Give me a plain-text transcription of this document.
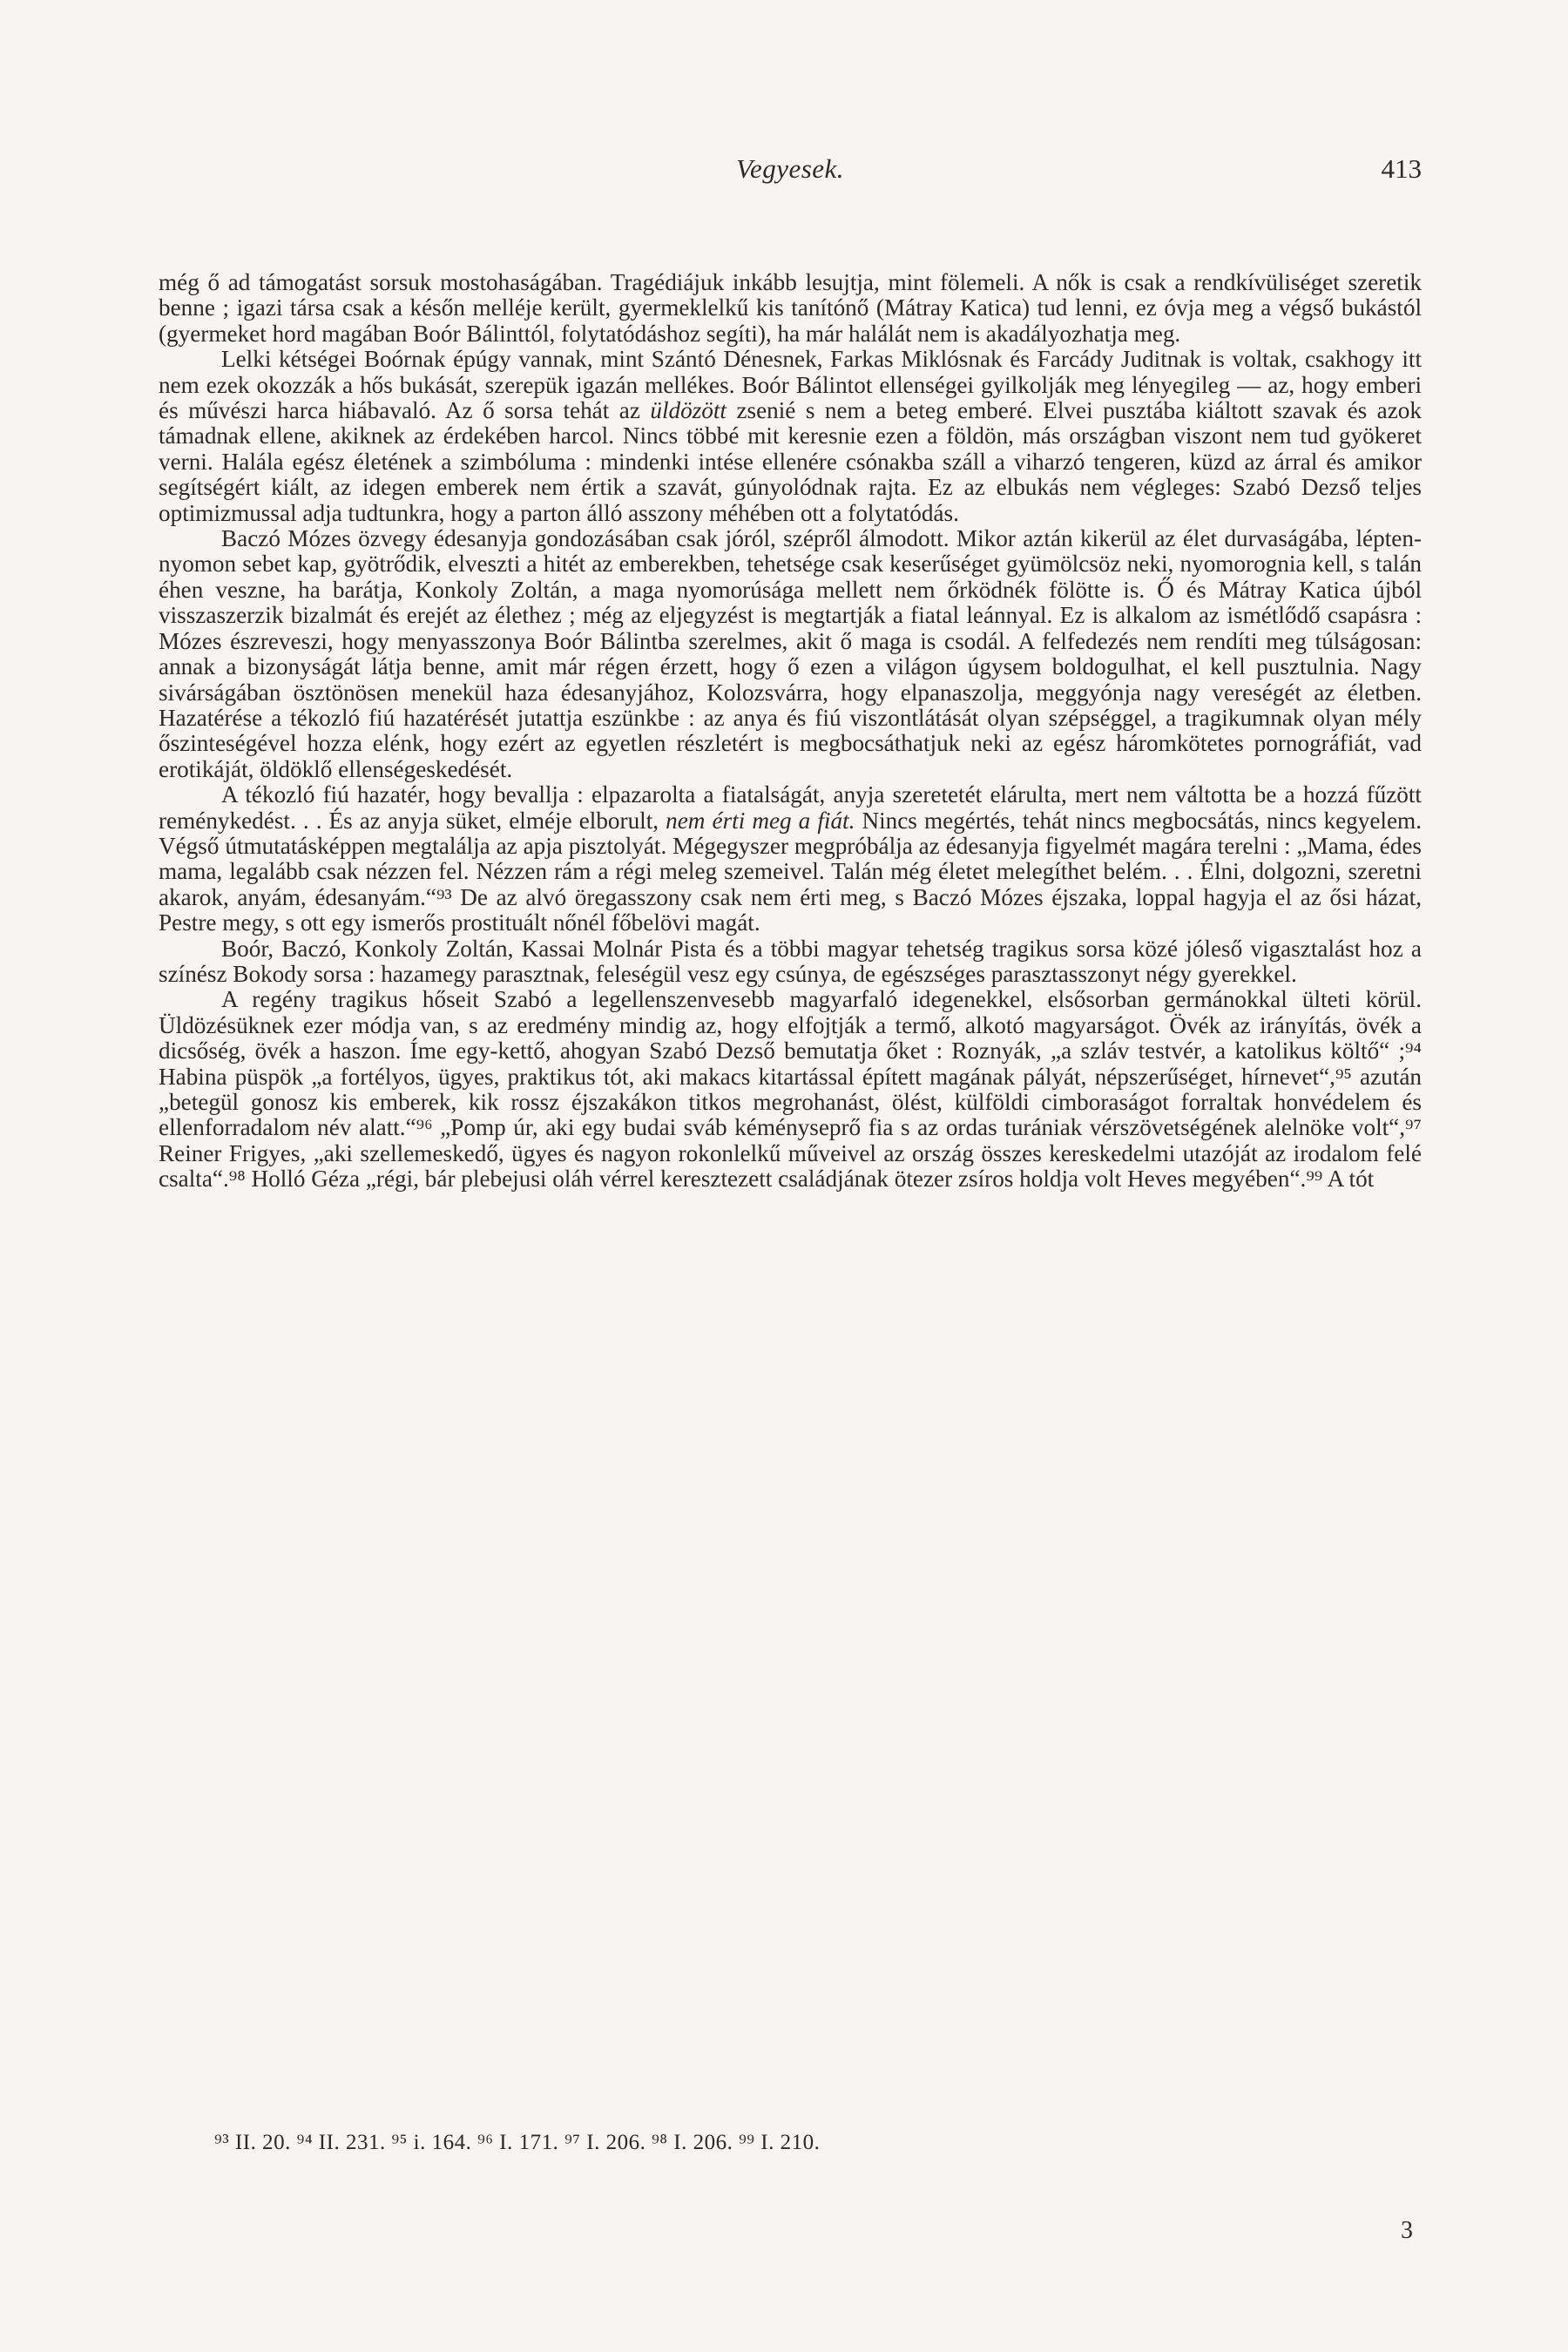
Vegyesek.	413

még ő ad támogatást sorsuk mostohaságában. Tragédiájuk inkább lesujtja, mint fölemeli. A nők is csak a rendkívüliséget szeretik benne ; igazi társa csak a későn melléje került, gyermeklelkű kis tanítónő (Mátray Katica) tud lenni, ez óvja meg a végső bukástól (gyermeket hord magában Boór Bálinttól, folytatódáshoz segíti), ha már halálát nem is akadályozhatja meg.

Lelki kétségei Boórnak épúgy vannak, mint Szántó Dénesnek, Farkas Miklósnak és Farcády Juditnak is voltak, csakhogy itt nem ezek okozzák a hős bukását, szerepük igazán mellékes. Boór Bálintot ellenségei gyilkolják meg lényegileg — az, hogy emberi és művészi harca hiábavaló. Az ő sorsa tehát az üldözött zsenié s nem a beteg emberé. Elvei pusztába kiáltott szavak és azok támadnak ellene, akiknek az érdekében harcol. Nincs többé mit keresnie ezen a földön, más országban viszont nem tud gyökeret verni. Halála egész életének a szimbóluma : mindenki intése ellenére csónakba száll a viharzó tengeren, küzd az árral és amikor segítségért kiált, az idegen emberek nem értik a szavát, gúnyolódnak rajta. Ez az elbukás nem végleges: Szabó Dezső teljes optimizmussal adja tudtunkra, hogy a parton álló asszony méhében ott a folytatódás.

Baczó Mózes özvegy édesanyja gondozásában csak jóról, szépről álmodott. Mikor aztán kikerül az élet durvaságába, lépten-nyomon sebet kap, gyötrődik, elveszti a hitét az emberekben, tehetsége csak keserűséget gyümölcsöz neki, nyomorognia kell, s talán éhen veszne, ha barátja, Konkoly Zoltán, a maga nyomorúsága mellett nem őrködnék fölötte is. Ő és Mátray Katica újból visszaszerzik bizalmát és erejét az élethez ; még az eljegyzést is megtartják a fiatal leánnyal. Ez is alkalom az ismétlődő csapásra : Mózes észreveszi, hogy menyasszonya Boór Bálintba szerelmes, akit ő maga is csodál. A felfedezés nem rendíti meg túlságosan: annak a bizonyságát látja benne, amit már régen érzett, hogy ő ezen a világon úgysem boldogulhat, el kell pusztulnia. Nagy sivárságában ösztönösen menekül haza édesanyjához, Kolozsvárra, hogy elpanaszolja, meggyónja nagy vereségét az életben. Hazatérése a tékozló fiú hazatérését jutattja eszünkbe : az anya és fiú viszontlátását olyan szépséggel, a tragikumnak olyan mély őszinteségével hozza elénk, hogy ezért az egyetlen részletért is megbocsáthatjuk neki az egész háromkötetes pornográfiát, vad erotikáját, öldöklő ellenségeskedését.

A tékozló fiú hazatér, hogy bevallja : elpazarolta a fiatalságát, anyja szeretetét elárulta, mert nem váltotta be a hozzá fűzött reménykedést. . . És az anyja süket, elméje elborult, nem érti meg a fiát. Nincs megértés, tehát nincs megbocsátás, nincs kegyelem. Végső útmutatásképpen megtalálja az apja pisztolyát. Mégegyszer megpróbálja az édesanyja figyelmét magára terelni : „Mama, édes mama, legalább csak nézzen fel. Nézzen rám a régi meleg szemeivel. Talán még életet melegíthet belém. . . Élni, dolgozni, szeretni akarok, anyám, édesanyám.“⁹³ De az alvó öregasszony csak nem érti meg, s Baczó Mózes éjszaka, loppal hagyja el az ősi házat, Pestre megy, s ott egy ismerős prostituált nőnél főbelövi magát.

Boór, Baczó, Konkoly Zoltán, Kassai Molnár Pista és a többi magyar tehetség tragikus sorsa közé jóleső vigasztalást hoz a színész Bokody sorsa : hazamegy parasztnak, feleségül vesz egy csúnya, de egészséges parasztasszonyt négy gyerekkel.

A regény tragikus hőseit Szabó a legellenszenvesebb magyarfaló idegenekkel, elsősorban germánokkal ülteti körül. Üldözésüknek ezer módja van, s az eredmény mindig az, hogy elfojtják a termő, alkotó magyarságot. Övék az irányítás, övék a dicsőség, övék a haszon. Íme egy-kettő, ahogyan Szabó Dezső bemutatja őket : Roznyák, „a szláv testvér, a katolikus költő“ ;⁹⁴ Habina püspök „a fortélyos, ügyes, praktikus tót, aki makacs kitartással épített magának pályát, népszerűséget, hírnevet“,⁹⁵ azután „betegül gonosz kis emberek, kik rossz éjszakákon titkos megrohanást, ölést, külföldi cimboraságot forraltak honvédelem és ellenforradalom név alatt.“⁹⁶ „Pomp úr, aki egy budai sváb kéményseprő fia s az ordas turániak vérszövetségének alelnöke volt“,⁹⁷ Reiner Frigyes, „aki szellemeskedő, ügyes és nagyon rokonlelkű műveivel az ország összes kereskedelmi utazóját az irodalom felé csalta“.⁹⁸ Holló Géza „régi, bár plebejusi oláh vérrel keresztezett családjának ötezer zsíros holdja volt Heves megyében“.⁹⁹ A tót

⁹³ II. 20. ⁹⁴ II. 231. ⁹⁵ i. 164. ⁹⁶ I. 171. ⁹⁷ I. 206. ⁹⁸ I. 206. ⁹⁹ I. 210.
3
